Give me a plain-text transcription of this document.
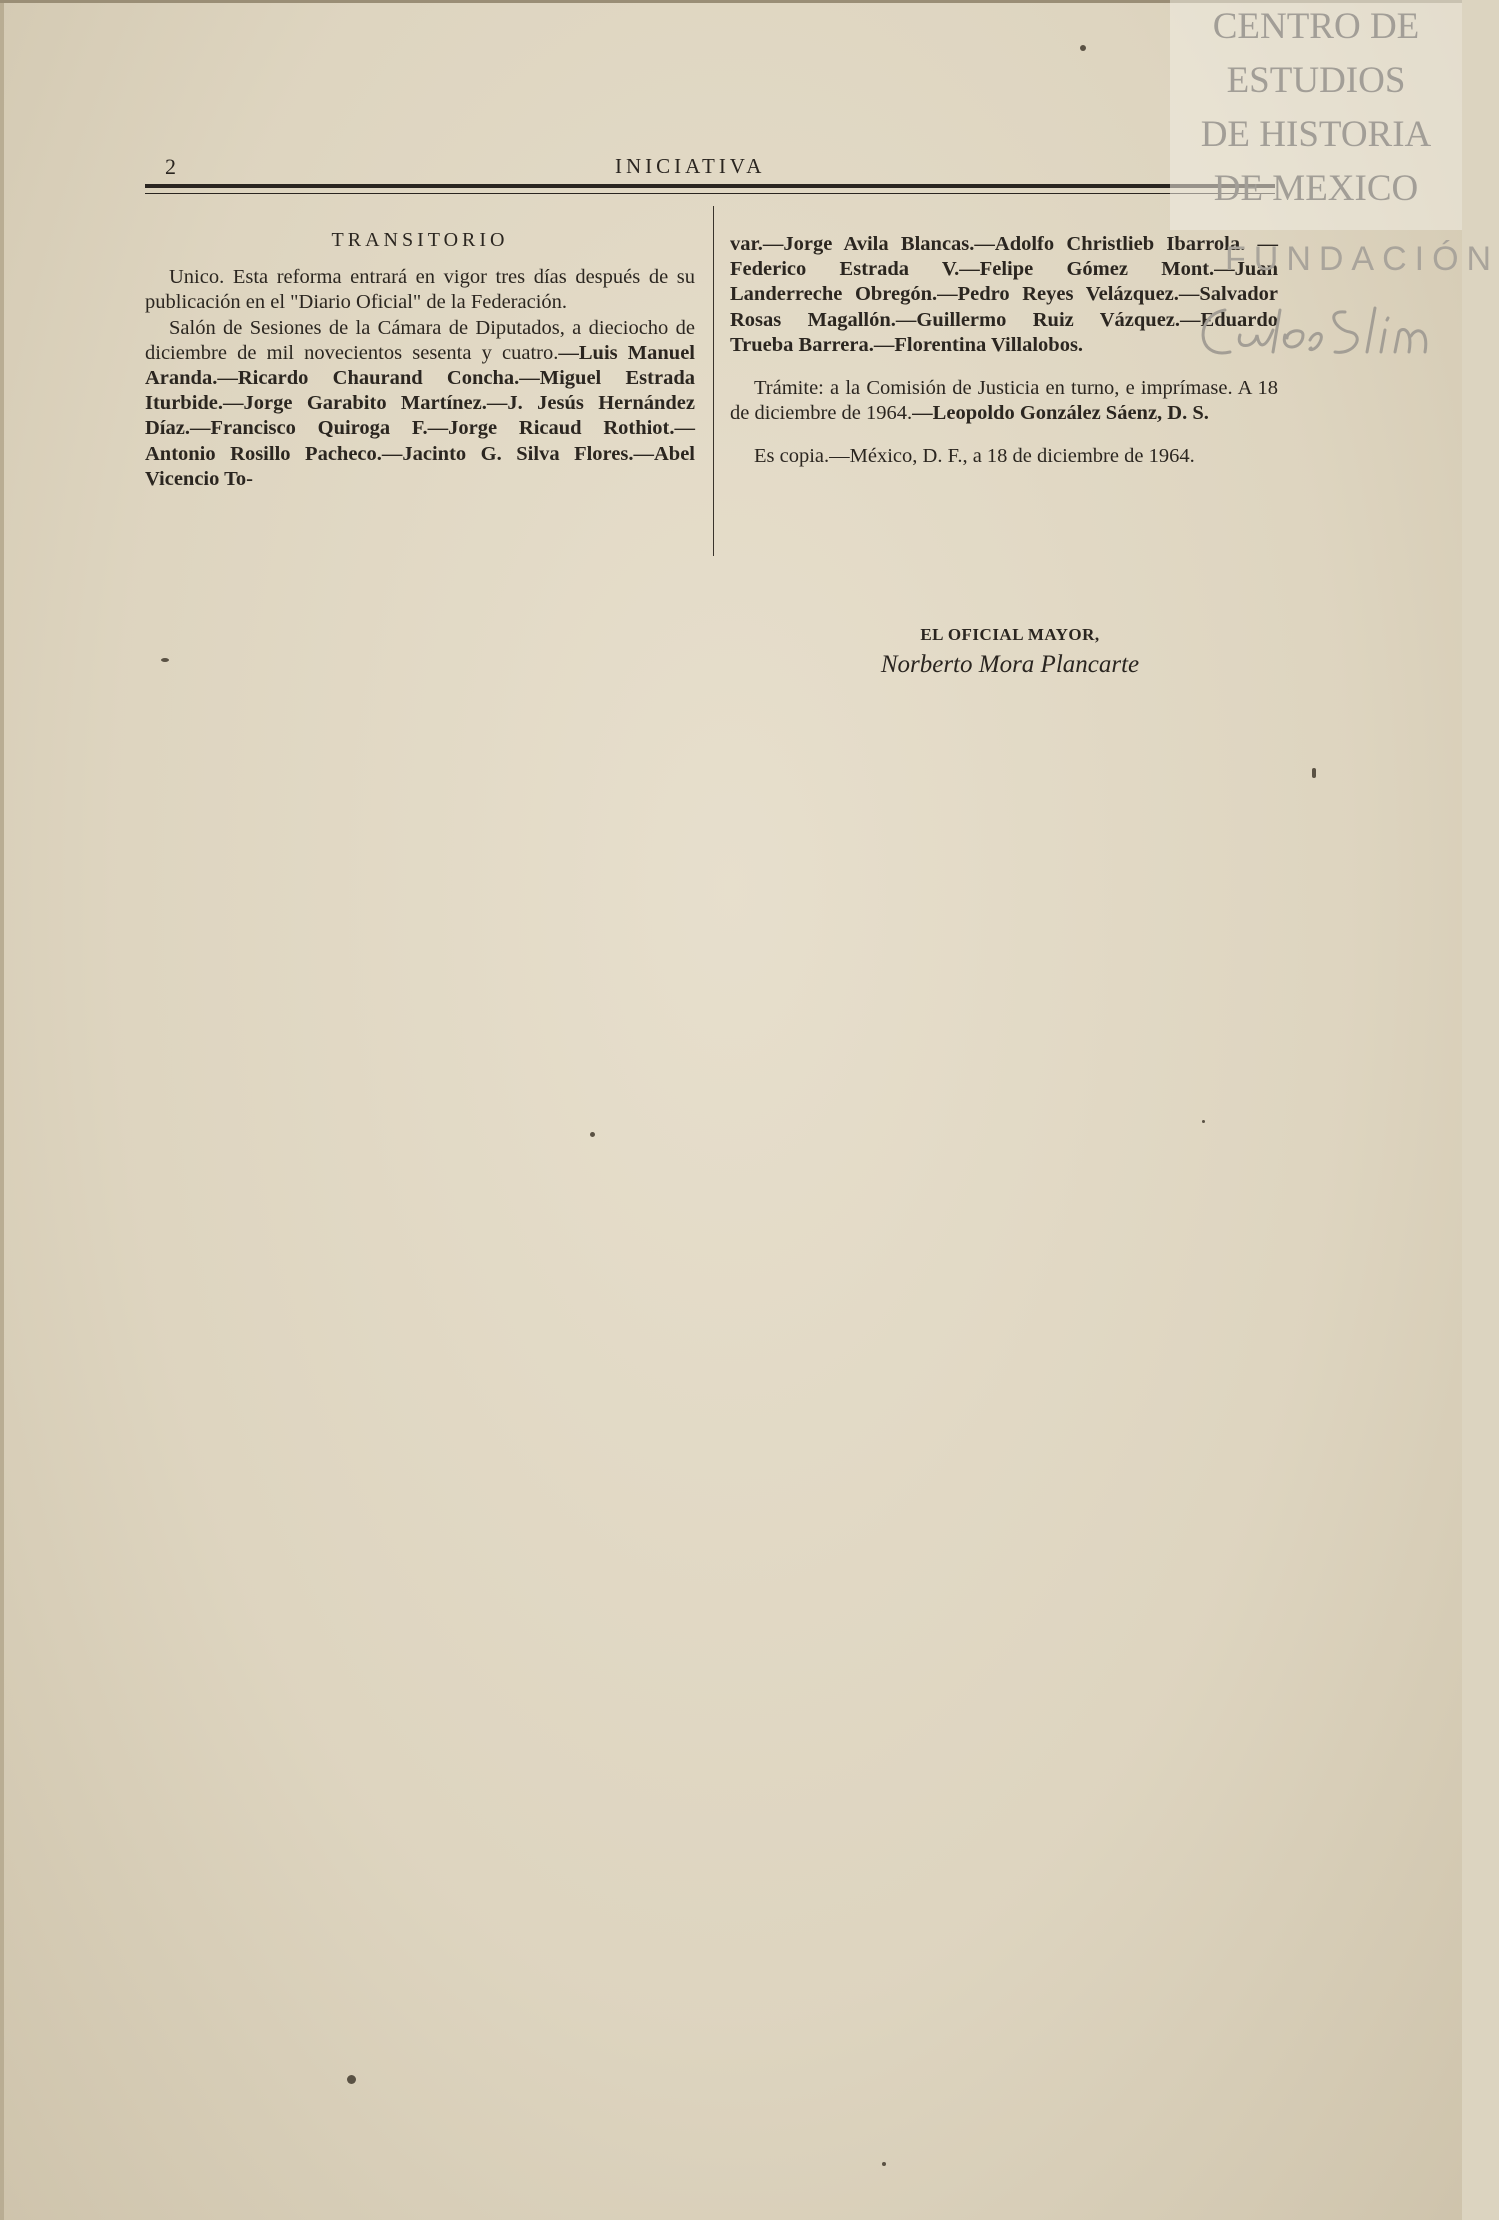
2	INICIATIVA
TRANSITORIO

Unico. Esta reforma entrará en vigor tres días después de su publicación en el "Diario Oficial" de la Federación.

Salón de Sesiones de la Cámara de Diputados, a dieciocho de diciembre de mil novecientos sesenta y cuatro.—Luis Manuel Aranda.—Ricardo Chaurand Concha.—Miguel Estrada Iturbide.—Jorge Garabito Martínez.—J. Jesús Hernández Díaz.—Francisco Quiroga F.—Jorge Ricaud Rothiot.—Antonio Rosillo Pacheco.—Jacinto G. Silva Flores.—Abel Vicencio To-

var.—Jorge Avila Blancas.—Adolfo Christlieb Ibarrola. —Federico Estrada V.—Felipe Gómez Mont.—Juan Landerreche Obregón.—Pedro Reyes Velázquez.—Salvador Rosas Magallón.—Guillermo Ruiz Vázquez.—Eduardo Trueba Barrera.—Florentina Villalobos.

Trámite: a la Comisión de Justicia en turno, e imprímase. A 18 de diciembre de 1964.—Leopoldo González Sáenz, D. S.

Es copia.—México, D. F., a 18 de diciembre de 1964.

EL OFICIAL MAYOR,
Norberto Mora Plancarte
CENTRO DE
ESTUDIOS
DE HISTORIA
DE MEXICO
FUNDACIÓN
